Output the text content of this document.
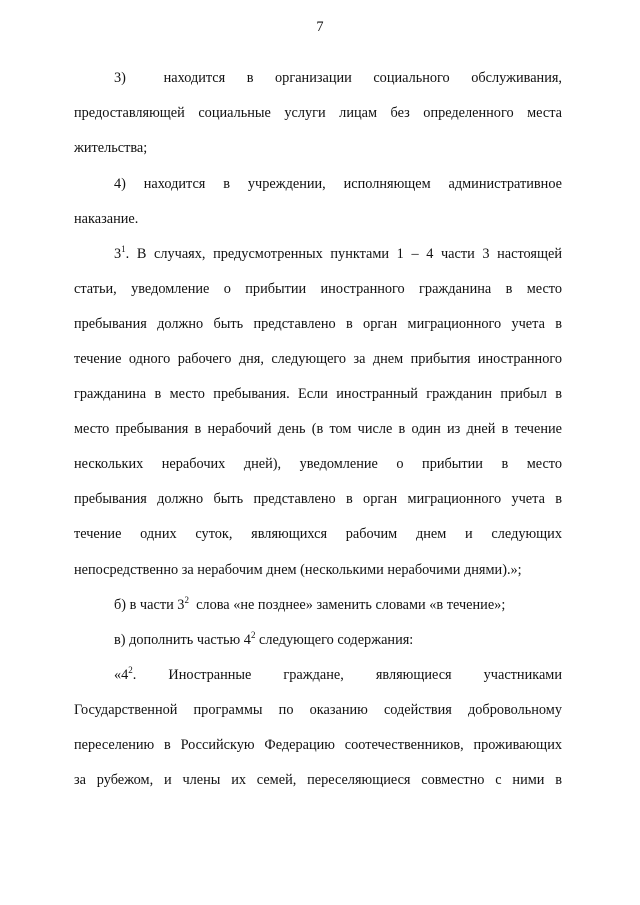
7
3)       находится    в    организации    социального    обслуживания,
предоставляющей социальные услуги лицам без определенного места
жительства;
4) находится в учреждении, исполняющем административное
наказание.
$3^1$. В случаях, предусмотренных пунктами 1 – 4 части 3 настоящей
статьи, уведомление о прибытии иностранного гражданина в место
пребывания должно быть представлено в орган миграционного учета в
течение одного рабочего дня, следующего за днем прибытия иностранного
гражданина в место пребывания. Если иностранный гражданин прибыл в
место пребывания в нерабочий день (в том числе в один из дней в течение
нескольких нерабочих дней), уведомление о прибытии в место
пребывания должно быть представлено в орган миграционного учета в
течение одних суток, являющихся рабочим днем и следующих
непосредственно за нерабочим днем (несколькими нерабочими днями).»;
б) в части $3^2$  слова «не позднее» заменить словами «в течение»;
в) дополнить частью $4^2$ следующего содержания:
«$4^2$.      Иностранные      граждане,      являющиеся      участниками
Государственной программы по оказанию содействия добровольному
переселению в Российскую Федерацию соотечественников, проживающих
за рубежом, и члены их семей, переселяющиеся совместно с ними в
